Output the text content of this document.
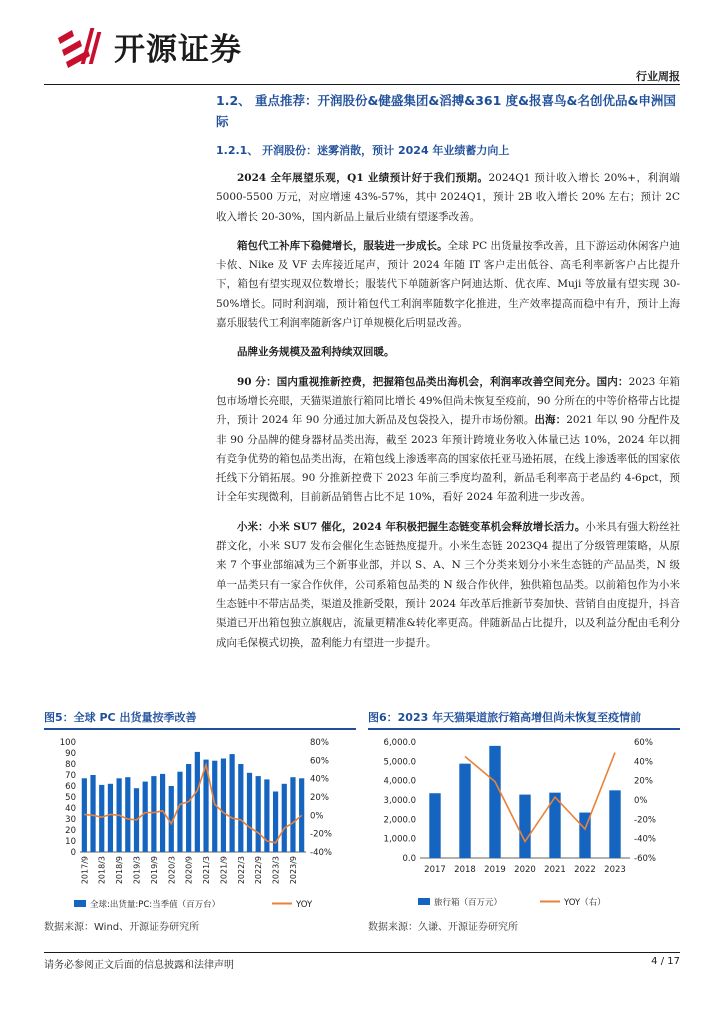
开源证券
行业周报
1.2、 重点推荐：开润股份&健盛集团&滔搏&361 度&报喜鸟&名创优品&申洲国际
1.2.1、 开润股份：迷雾消散，预计 2024 年业绩蓄力向上

2024 全年展望乐观，Q1 业绩预计好于我们预期。2024Q1 预计收入增长 20%+，利润端 5000-5500 万元，对应增速 43%-57%，其中 2024Q1，预计 2B 收入增长 20% 左右；预计 2C 收入增长 20-30%，国内新品上量后业绩有望逐季改善。

箱包代工补库下稳健增长，服装进一步成长。全球 PC 出货量按季改善，且下游运动休闲客户迪卡侬、Nike 及 VF 去库接近尾声，预计 2024 年随 IT 客户走出低谷、高毛利率新客户占比提升下，箱包有望实现双位数增长；服装代下单随新客户阿迪达斯、优衣库、Muji 等放量有望实现 30-50%增长。同时利润端，预计箱包代工利润率随数字化推进，生产效率提高而稳中有升，预计上海嘉乐服装代工利润率随新客户订单规模化后明显改善。

品牌业务规模及盈利持续双回暖。

90 分：国内重视推新控费，把握箱包品类出海机会，利润率改善空间充分。国内：2023 年箱包市场增长亮眼，天猫渠道旅行箱同比增长 49%但尚未恢复至疫前，90 分所在的中等价格带占比提升，预计 2024 年 90 分通过加大新品及包袋投入，提升市场份额。出海：2021 年以 90 分配件及非 90 分品牌的健身器材品类出海，截至 2023 年预计跨境业务收入体量已达 10%，2024 年以拥有竞争优势的箱包品类出海，在箱包线上渗透率高的国家依托亚马逊拓展，在线上渗透率低的国家依托线下分销拓展。90 分推新控费下 2023 年前三季度均盈利，新品毛利率高于老品约 4-6pct，预计全年实现微利，目前新品销售占比不足 10%，看好 2024 年盈利进一步改善。

小米：小米 SU7 催化，2024 年积极把握生态链变革机会释放增长活力。小米具有强大粉丝社群文化，小米 SU7 发布会催化生态链热度提升。小米生态链 2023Q4 提出了分级管理策略，从原来 7 个事业部缩减为三个新事业部，并以 S、A、N 三个分类来划分小米生态链的产品品类，N 级单一品类只有一家合作伙伴，公司系箱包品类的 N 级合作伙伴，独供箱包品类。以前箱包作为小米生态链中不带店品类，渠道及推新受限，预计 2024 年改革后推新节奏加快、营销自由度提升，抖音渠道已开出箱包独立旗舰店，流量更精准&转化率更高。伴随新品占比提升，以及利益分配由毛利分成向毛保模式切换，盈利能力有望进一步提升。

图5：全球 PC 出货量按季改善	图6：2023 年天猫渠道旅行箱高增但尚未恢复至疫情前
0
10
20
30
40
50
60
70
80
90
100
-40%
-20%
0%
20%
40%
60%
80%
2017/9 2018/3 2018/9 2019/3 2019/9 2020/3 2020/9 2021/3 2021/9 2022/3 2022/9 2023/3 2023/9
全球:出货量:PC:当季值（百万台）	YOY
0.0
1,000.0
2,000.0
3,000.0
4,000.0
5,000.0
6,000.0
-60%
-40%
-20%
0%
20%
40%
60%
2017 2018 2019 2020 2021 2022 2023
旅行箱（百万元）	YOY（右）
数据来源：Wind、开源证券研究所	数据来源：久谦、开源证券研究所
请务必参阅正文后面的信息披露和法律声明	4 / 17
